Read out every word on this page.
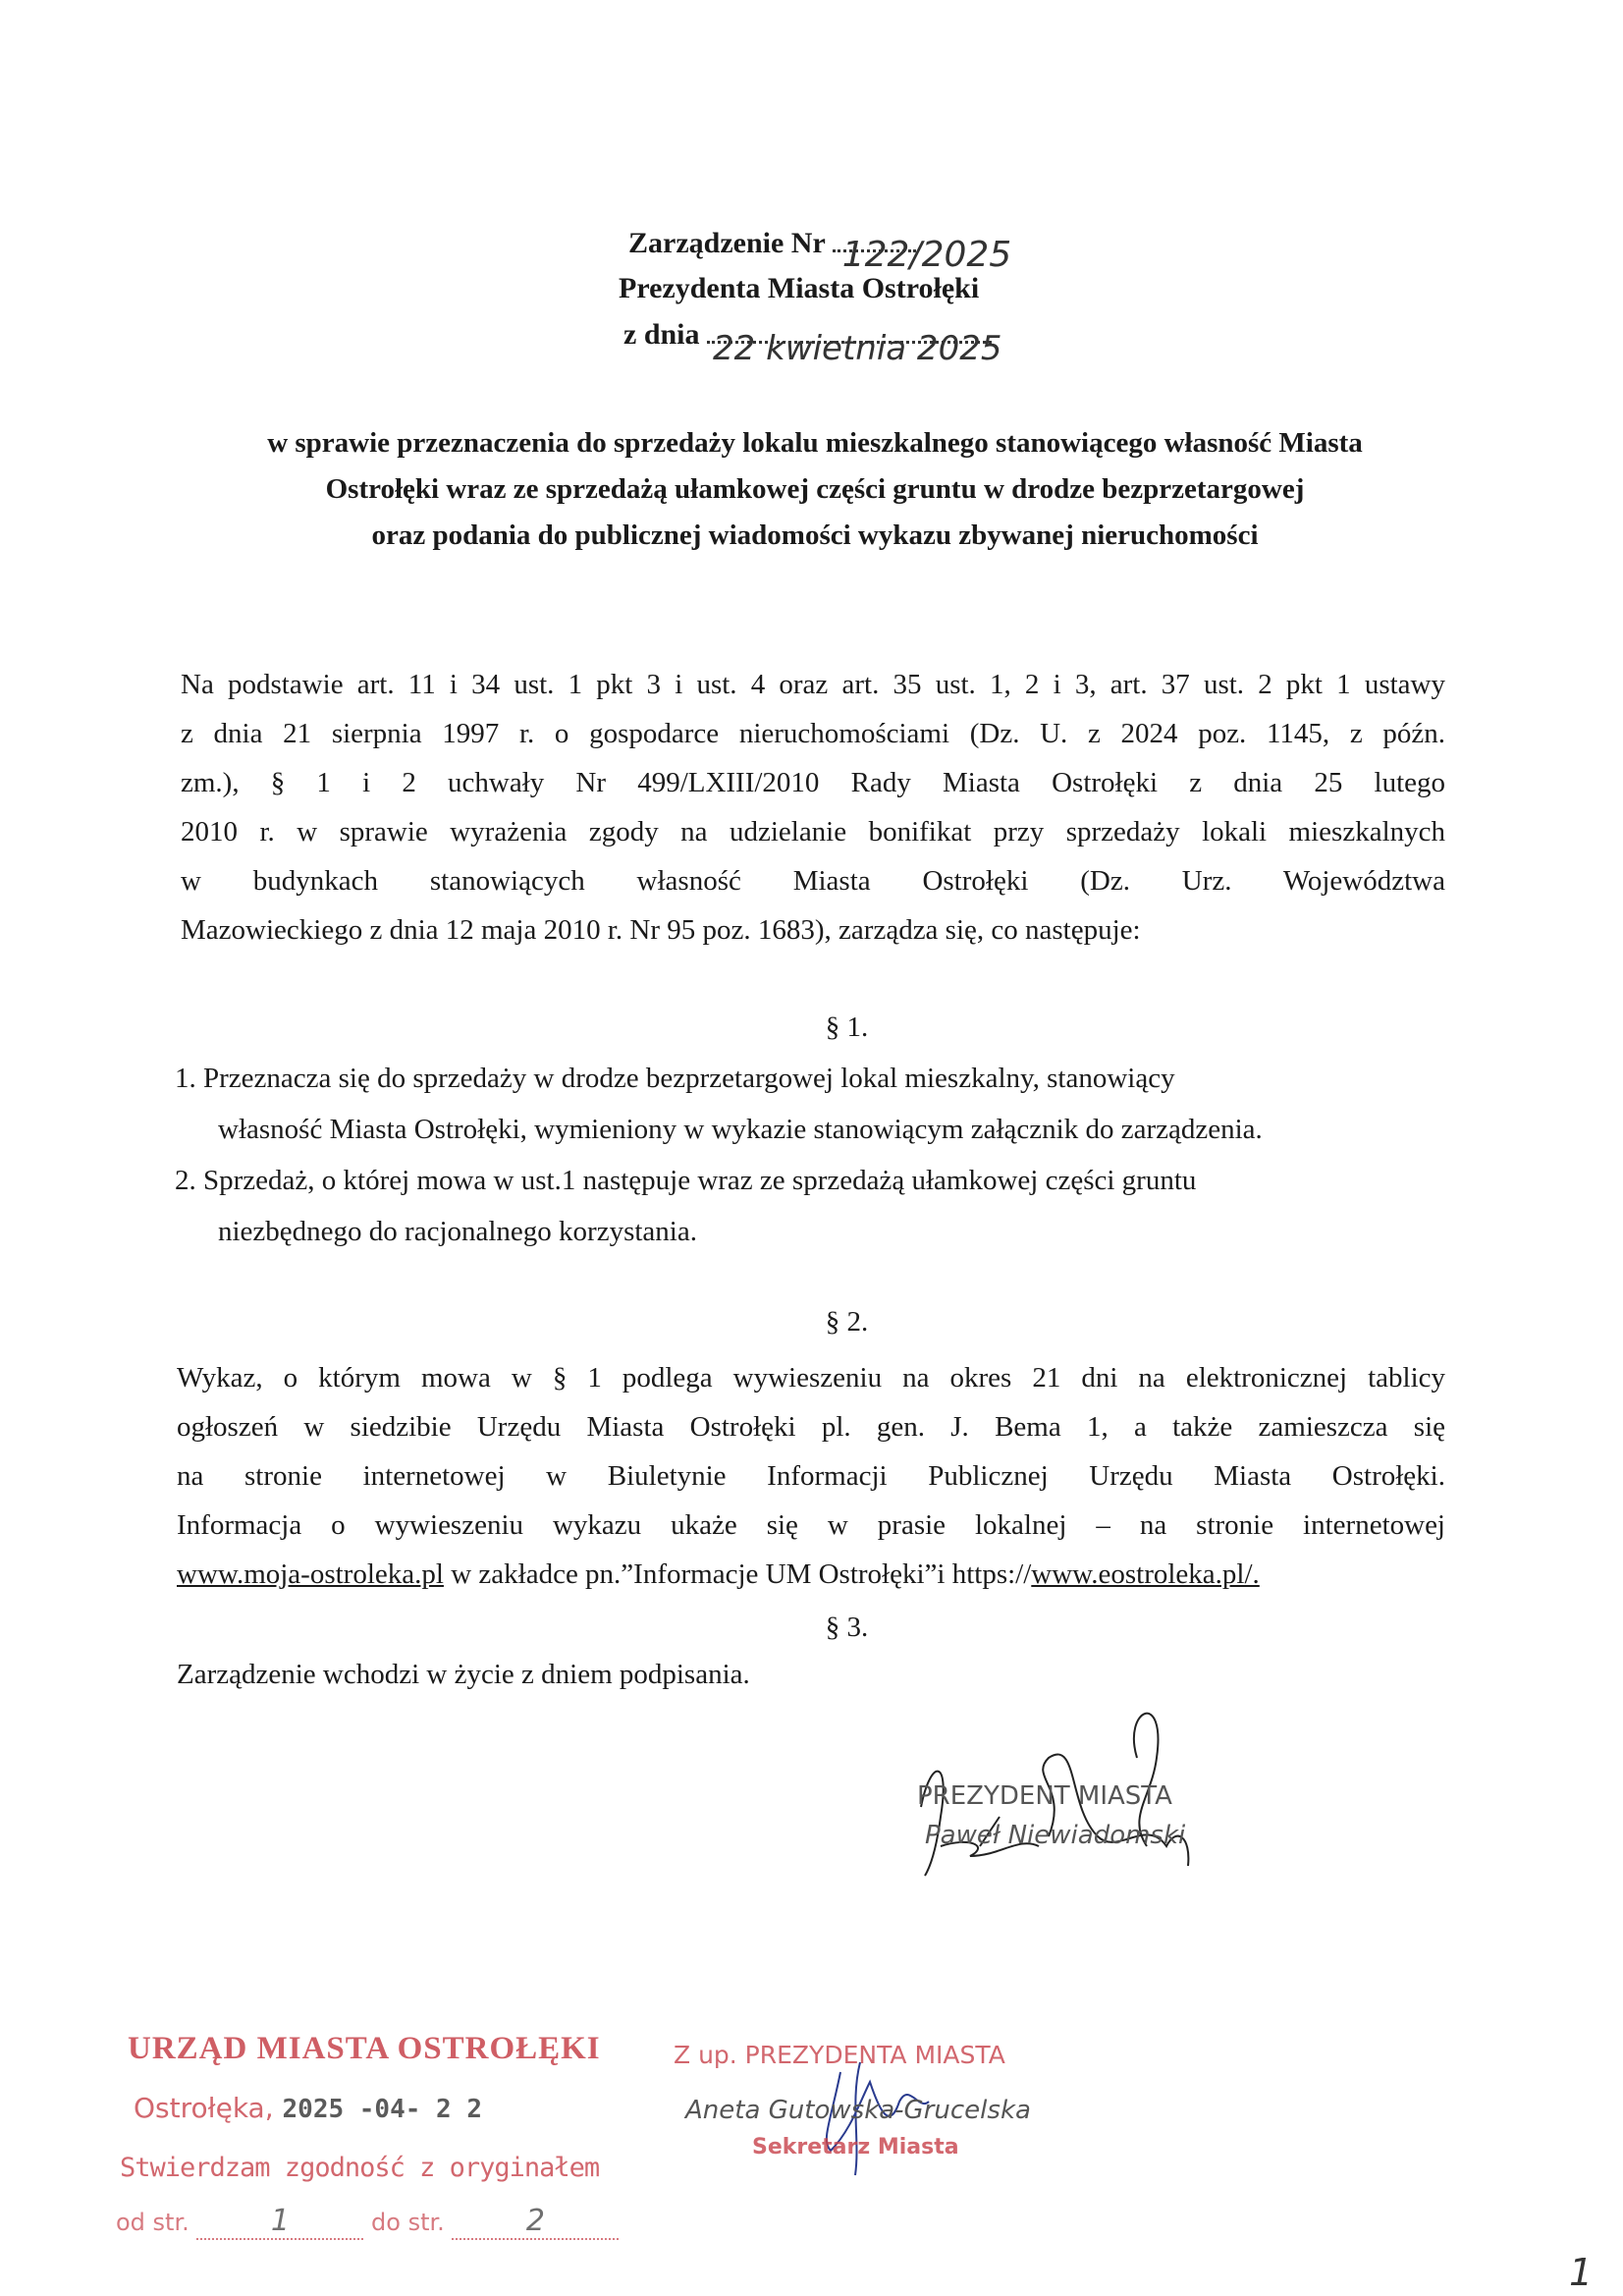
Zarządzenie Nr 122/2025
Prezydenta Miasta Ostrołęki
z dnia 22 kwietnia 2025
w sprawie przeznaczenia do sprzedaży lokalu mieszkalnego stanowiącego własność Miasta
Ostrołęki wraz ze sprzedażą ułamkowej części gruntu w drodze bezprzetargowej
oraz podania do publicznej wiadomości wykazu zbywanej nieruchomości
Na podstawie art. 11 i 34 ust. 1 pkt 3 i ust. 4 oraz art. 35 ust. 1, 2 i 3, art. 37 ust. 2 pkt 1 ustawy
z dnia 21 sierpnia 1997 r. o gospodarce nieruchomościami (Dz. U. z 2024 poz. 1145, z późn.
zm.), § 1 i 2 uchwały Nr 499/LXIII/2010 Rady Miasta Ostrołęki z dnia 25 lutego
2010 r. w sprawie wyrażenia zgody na udzielanie bonifikat przy sprzedaży lokali mieszkalnych
w budynkach stanowiących własność Miasta Ostrołęki (Dz. Urz. Województwa
Mazowieckiego z dnia 12 maja 2010 r. Nr 95 poz. 1683), zarządza się, co następuje:
§ 1.
1. Przeznacza się do sprzedaży w drodze bezprzetargowej lokal mieszkalny, stanowiący
własność Miasta Ostrołęki, wymieniony w wykazie stanowiącym załącznik do zarządzenia.
2. Sprzedaż, o której mowa w ust.1 następuje wraz ze sprzedażą ułamkowej części gruntu
niezbędnego do racjonalnego korzystania.
§ 2.
Wykaz, o którym mowa w § 1 podlega wywieszeniu na okres 21 dni na elektronicznej tablicy
ogłoszeń w siedzibie Urzędu Miasta Ostrołęki pl. gen. J. Bema 1, a także zamieszcza się
na stronie internetowej w Biuletynie Informacji Publicznej Urzędu Miasta Ostrołęki.
Informacja o wywieszeniu wykazu ukaże się w prasie lokalnej – na stronie internetowej
www.moja-ostroleka.pl w zakładce pn.”Informacje UM Ostrołęki”i https://www.eostroleka.pl/.
§ 3.
Zarządzenie wchodzi w życie z dniem podpisania.
PREZYDENT MIASTA
Paweł Niewiadomski
URZĄD MIASTA OSTROŁĘKI
Ostrołęka, 2025 -04- 2 2
Stwierdzam zgodność z oryginałem
od str.	1	do str.	2
Z up. PREZYDENTA MIASTA
Aneta Gutowska-Grucelska
Sekretarz Miasta
1
